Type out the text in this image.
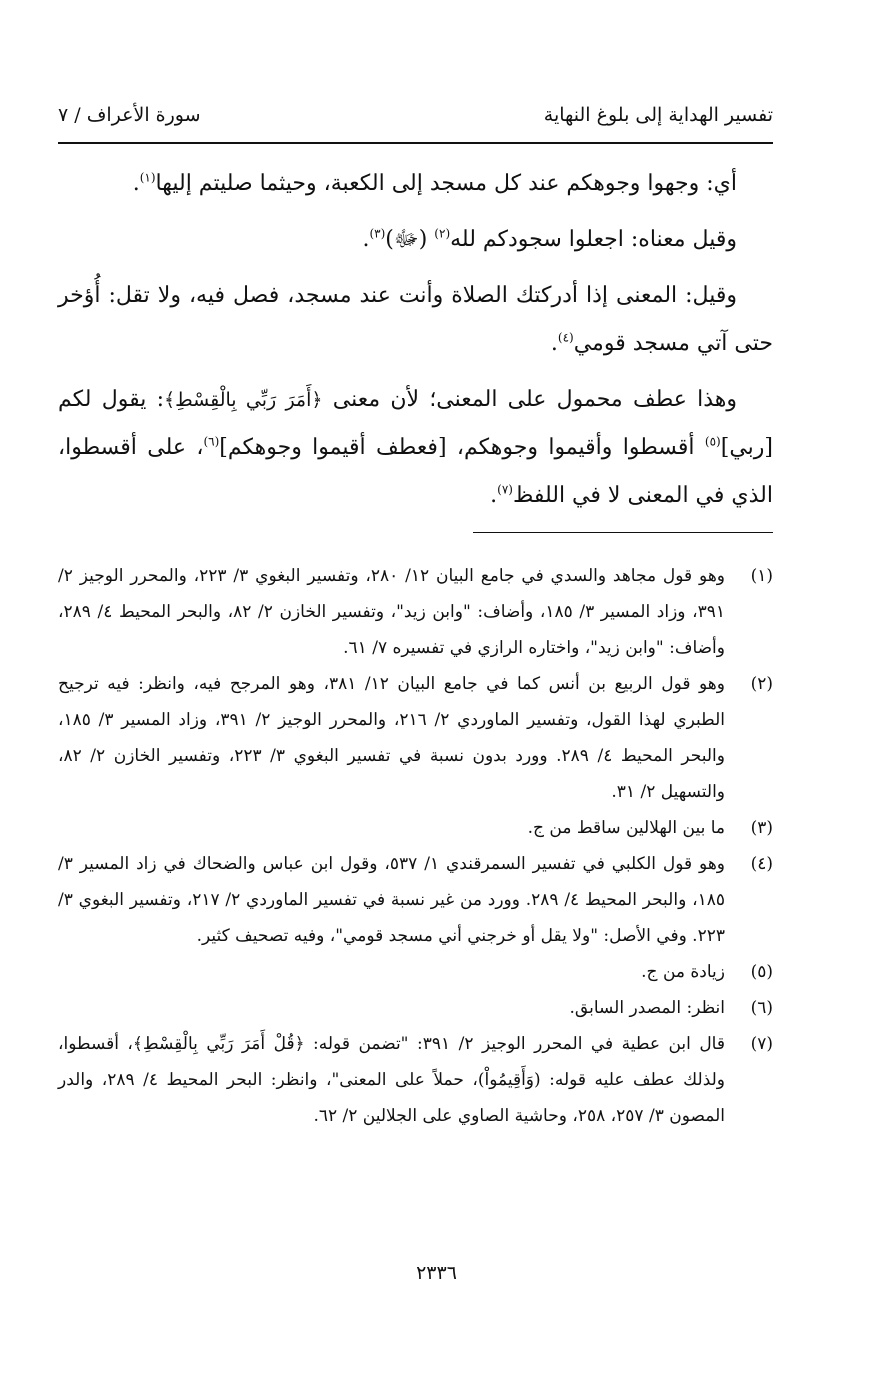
تفسير الهداية إلى بلوغ النهاية
سورة الأعراف / ٧

أي: وجهوا وجوهكم عند كل مسجد إلى الكعبة، وحيثما صليتم إليها$^{(١)}$.

وقيل معناه: اجعلوا سجودكم لله$^{(٢)}$ (ﷻ)$^{(٣)}$.

وقيل: المعنى إذا أدركتك الصلاة وأنت عند مسجد، فصل فيه، ولا تقل: أُؤخر حتى آتي مسجد قومي$^{(٤)}$.

وهذا عطف محمول على المعنى؛ لأن معنى ﴿أَمَرَ رَبِّي بِالْقِسْطِ﴾: يقول لكم [ربي]$^{(٥)}$ أقسطوا وأقيموا وجوهكم، [فعطف أقيموا وجوهكم]$^{(٦)}$، على أقسطوا، الذي في المعنى لا في اللفظ$^{(٧)}$.

(١)
وهو قول مجاهد والسدي في جامع البيان ١٢/ ٢٨٠، وتفسير البغوي ٣/ ٢٢٣، والمحرر الوجيز ٢/ ٣٩١، وزاد المسير ٣/ ١٨٥، وأضاف: "وابن زيد"، وتفسير الخازن ٢/ ٨٢، والبحر المحيط ٤/ ٢٨٩، وأضاف: "وابن زيد"، واختاره الرازي في تفسيره ٧/ ٦١.
(٢)
وهو قول الربيع بن أنس كما في جامع البيان ١٢/ ٣٨١، وهو المرجح فيه، وانظر: فيه ترجيح الطبري لهذا القول، وتفسير الماوردي ٢/ ٢١٦، والمحرر الوجيز ٢/ ٣٩١، وزاد المسير ٣/ ١٨٥، والبحر المحيط ٤/ ٢٨٩. وورد بدون نسبة في تفسير البغوي ٣/ ٢٢٣، وتفسير الخازن ٢/ ٨٢، والتسهيل ٢/ ٣١.
(٣)
ما بين الهلالين ساقط من ج.
(٤)
وهو قول الكلبي في تفسير السمرقندي ١/ ٥٣٧، وقول ابن عباس والضحاك في زاد المسير ٣/ ١٨٥، والبحر المحيط ٤/ ٢٨٩. وورد من غير نسبة في تفسير الماوردي ٢/ ٢١٧، وتفسير البغوي ٣/ ٢٢٣. وفي الأصل: "ولا يقل أو خرجني أني مسجد قومي"، وفيه تصحيف كثير.
(٥)
زيادة من ج.
(٦)
انظر: المصدر السابق.
(٧)
قال ابن عطية في المحرر الوجيز ٢/ ٣٩١: "تضمن قوله: ﴿قُلْ أَمَرَ رَبِّي بِالْقِسْطِ﴾، أقسطوا، ولذلك عطف عليه قوله: (وَأَقِيمُواْ)، حملاً على المعنى"، وانظر: البحر المحيط ٤/ ٢٨٩، والدر المصون ٣/ ٢٥٧، ٢٥٨، وحاشية الصاوي على الجلالين ٢/ ٦٢.
٢٣٣٦
